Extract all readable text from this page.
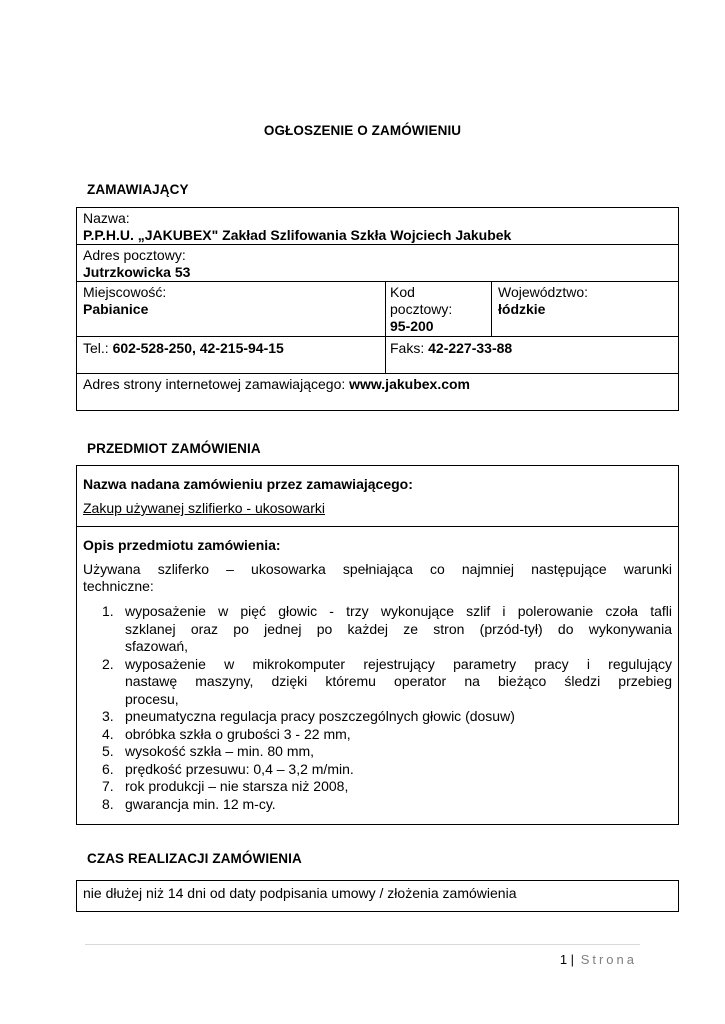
OGŁOSZENIE O ZAMÓWIENIU
ZAMAWIAJĄCY
Nazwa:
P.P.H.U. „JAKUBEX" Zakład Szlifowania Szkła Wojciech Jakubek
Adres pocztowy:
Jutrzkowicka 53
Miejscowość:
Pabianice
Kod
pocztowy:
95-200
Województwo:
łódzkie
Tel.: 602-528-250, 42-215-94-15	Faks: 42-227-33-88
Adres strony internetowej zamawiającego: www.jakubex.com
PRZEDMIOT ZAMÓWIENIA
Nazwa nadana zamówieniu przez zamawiającego:
Zakup używanej szlifierko - ukosowarki
Opis przedmiotu zamówienia:
Używana szliferko – ukosowarka spełniająca co najmniej następujące warunki
techniczne:
1. wyposażenie w pięć głowic - trzy wykonujące szlif i polerowanie czoła tafli
szklanej oraz po jednej po każdej ze stron (przód-tył) do wykonywania
sfazowań,
2. wyposażenie w mikrokomputer rejestrujący parametry pracy i regulujący
nastawę maszyny, dzięki któremu operator na bieżąco śledzi przebieg
procesu,
3. pneumatyczna regulacja pracy poszczególnych głowic (dosuw)
4. obróbka szkła o grubości 3 - 22 mm,
5. wysokość szkła – min. 80 mm,
6. prędkość przesuwu: 0,4 – 3,2 m/min.
7. rok produkcji – nie starsza niż 2008,
8. gwarancja min. 12 m-cy.
CZAS REALIZACJI ZAMÓWIENIA
nie dłużej niż 14 dni od daty podpisania umowy / złożenia zamówienia
1 | Strona
